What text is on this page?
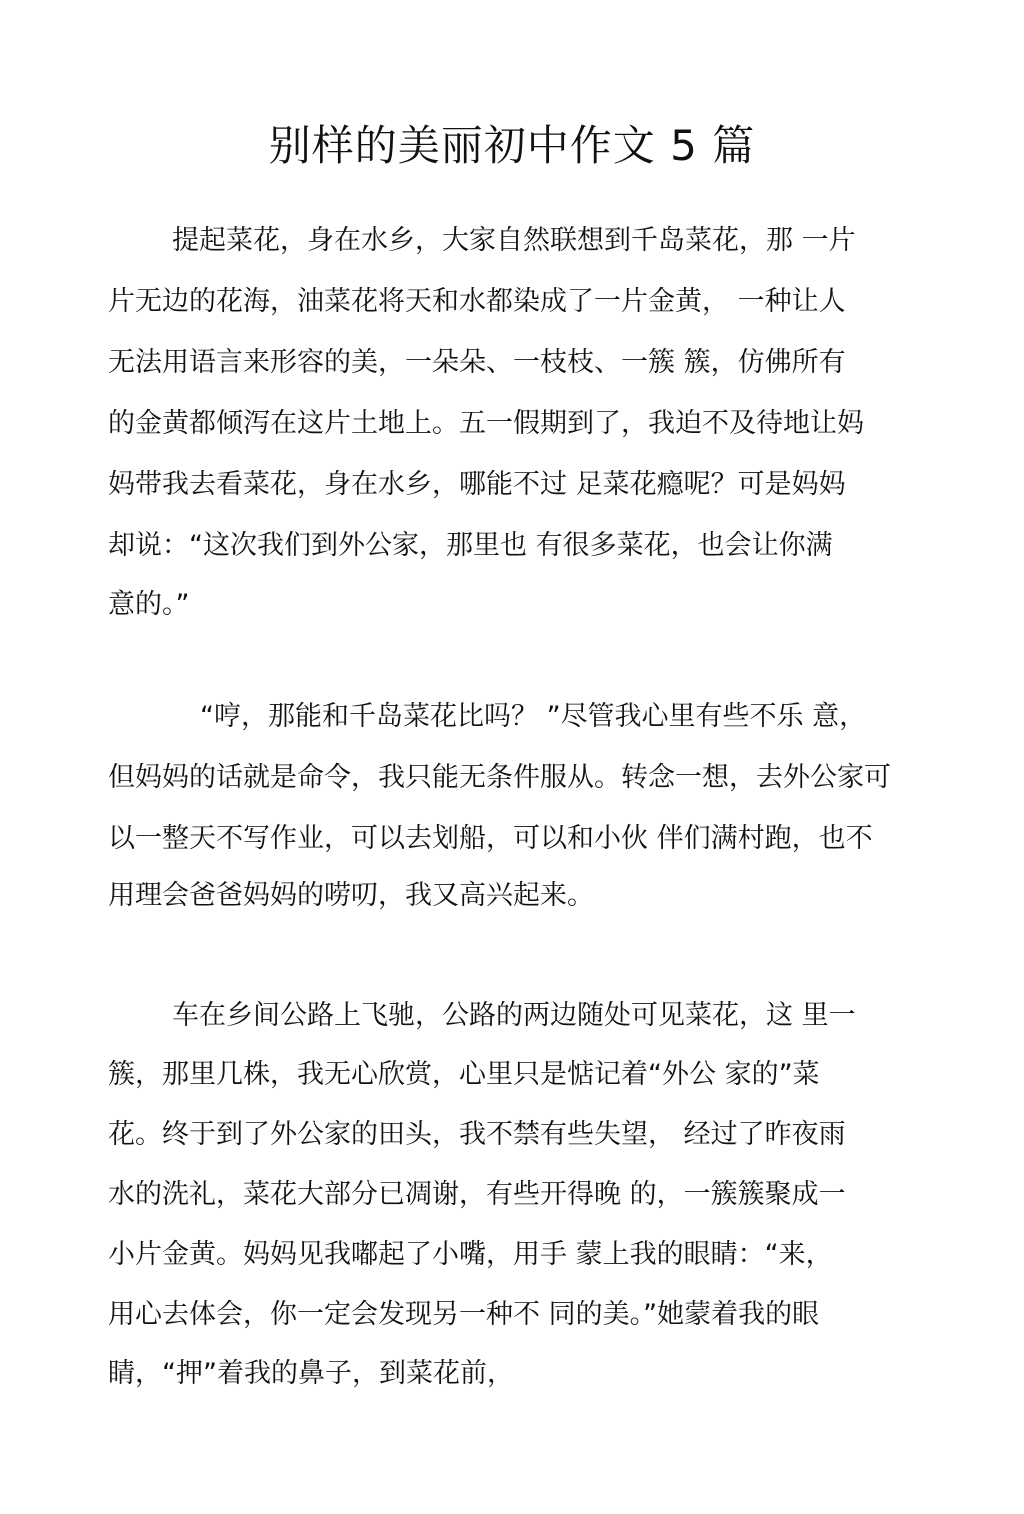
别样的美丽初中作文 5 篇
提起菜花，身在水乡，大家自然联想到千岛菜花，那 一片
片无边的花海，油菜花将天和水都染成了一片金黄， 一种让人
无法用语言来形容的美，一朵朵、一枝枝、一簇 簇，仿佛所有
的金黄都倾泻在这片土地上。五一假期到了，我迫不及待地让妈
妈带我去看菜花，身在水乡，哪能不过 足菜花瘾呢？可是妈妈
却说：“这次我们到外公家，那里也 有很多菜花，也会让你满
意的。”
“哼，那能和千岛菜花比吗？ ”尽管我心里有些不乐 意，
但妈妈的话就是命令，我只能无条件服从。转念一想，去外公家可
以一整天不写作业，可以去划船，可以和小伙 伴们满村跑，也不
用理会爸爸妈妈的唠叨，我又高兴起来。
车在乡间公路上飞驰，公路的两边随处可见菜花，这 里一
簇，那里几株，我无心欣赏，心里只是惦记着“外公 家的”菜
花。终于到了外公家的田头，我不禁有些失望， 经过了昨夜雨
水的洗礼，菜花大部分已凋谢，有些开得晚 的，一簇簇聚成一
小片金黄。妈妈见我嘟起了小嘴，用手 蒙上我的眼睛：“来，
用心去体会，你一定会发现另一种不 同的美。”她蒙着我的眼
睛，“押”着我的鼻子，到菜花前，
